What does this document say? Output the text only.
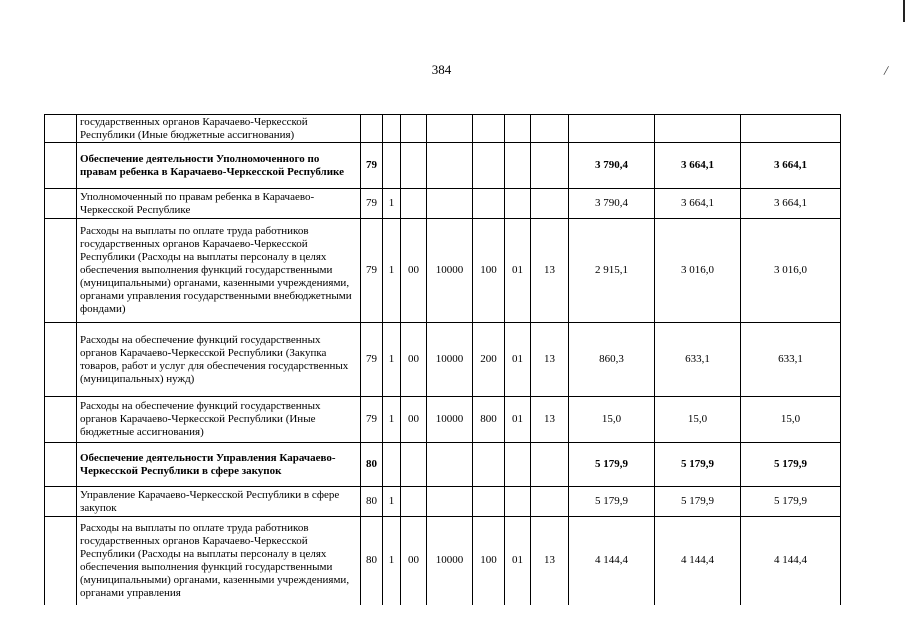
/
384
	государственных органов Карачаево-Черкесской Республики (Иные бюджетные ассигнования)										
	Обеспечение деятельности Уполномоченного по правам ребенка в Карачаево-Черкесской Республике	79							3 790,4	3 664,1	3 664,1
	Уполномоченный по правам ребенка в Карачаево-Черкесской Республике	79	1						3 790,4	3 664,1	3 664,1
	Расходы на выплаты по оплате труда работников государственных органов Карачаево-Черкесской Республики (Расходы на выплаты персоналу в целях обеспечения выполнения функций государственными (муниципальными) органами, казенными учреждениями, органами управления государственными внебюджетными фондами)	79	1	00	10000	100	01	13	2 915,1	3 016,0	3 016,0
	Расходы на обеспечение функций государственных органов Карачаево-Черкесской Республики (Закупка товаров, работ и услуг для обеспечения государственных (муниципальных) нужд)	79	1	00	10000	200	01	13	860,3	633,1	633,1
	Расходы на обеспечение функций государственных органов Карачаево-Черкесской Республики (Иные бюджетные ассигнования)	79	1	00	10000	800	01	13	15,0	15,0	15,0
	Обеспечение деятельности Управления Карачаево-Черкесской Республики в сфере закупок	80							5 179,9	5 179,9	5 179,9
	Управление Карачаево-Черкесской Республики в сфере закупок	80	1						5 179,9	5 179,9	5 179,9
	Расходы на выплаты по оплате труда работников государственных органов Карачаево-Черкесской Республики (Расходы на выплаты персоналу в целях обеспечения выполнения функций государственными (муниципальными) органами, казенными учреждениями, органами управления	80	1	00	10000	100	01	13	4 144,4	4 144,4	4 144,4
